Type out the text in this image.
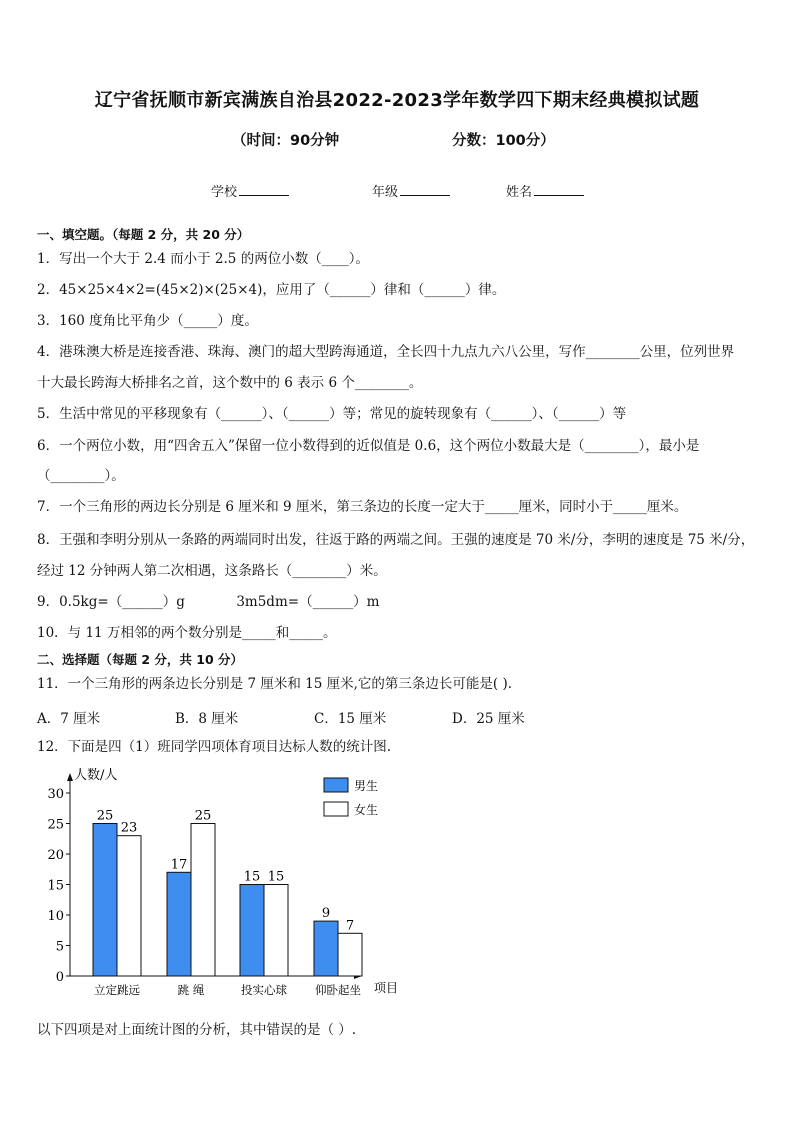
辽宁省抚顺市新宾满族自治县2022-2023学年数学四下期末经典模拟试题
（时间：90分钟	分数：100分）
学校	年级	姓名
一、填空题。（每题 2 分，共 20 分）
1．写出一个大于 2.4 而小于 2.5 的两位小数（____）。
2．45×25×4×2=(45×2)×(25×4)，应用了（______）律和（______）律。
3．160 度角比平角少（_____）度。
4．港珠澳大桥是连接香港、珠海、澳门的超大型跨海通道，全长四十九点九六八公里，写作________公里，位列世界
十大最长跨海大桥排名之首，这个数中的 6 表示 6 个________。
5．生活中常见的平移现象有（______）、（______）等；常见的旋转现象有（______）、（______）等
6．一个两位小数，用“四舍五入”保留一位小数得到的近似值是 0.6，这个两位小数最大是（________），最小是
（________）。
7．一个三角形的两边长分别是 6 厘米和 9 厘米，第三条边的长度一定大于_____厘米，同时小于_____厘米。
8．王强和李明分别从一条路的两端同时出发，往返于路的两端之间。王强的速度是 70 米/分，李明的速度是 75 米/分，
经过 12 分钟两人第二次相遇，这条路长（________）米。
9．0.5kg=（______）g            3m5dm=（______）m
10．与 11 万相邻的两个数分别是_____和_____。
二、选择题（每题 2 分，共 10 分）
11．一个三角形的两条边长分别是 7 厘米和 15 厘米,它的第三条边长可能是( ).
A．7 厘米	B．8 厘米	C．15 厘米	D．25 厘米
12．下面是四（1）班同学四项体育项目达标人数的统计图.
人数/人
项目
0
5
10
15
20
25
30
25
23
17
25
15 15
9
7
立定跳远	跳 绳	投实心球 仰卧起坐
男生
女生
以下四项是对上面统计图的分析，其中错误的是（ ）.
